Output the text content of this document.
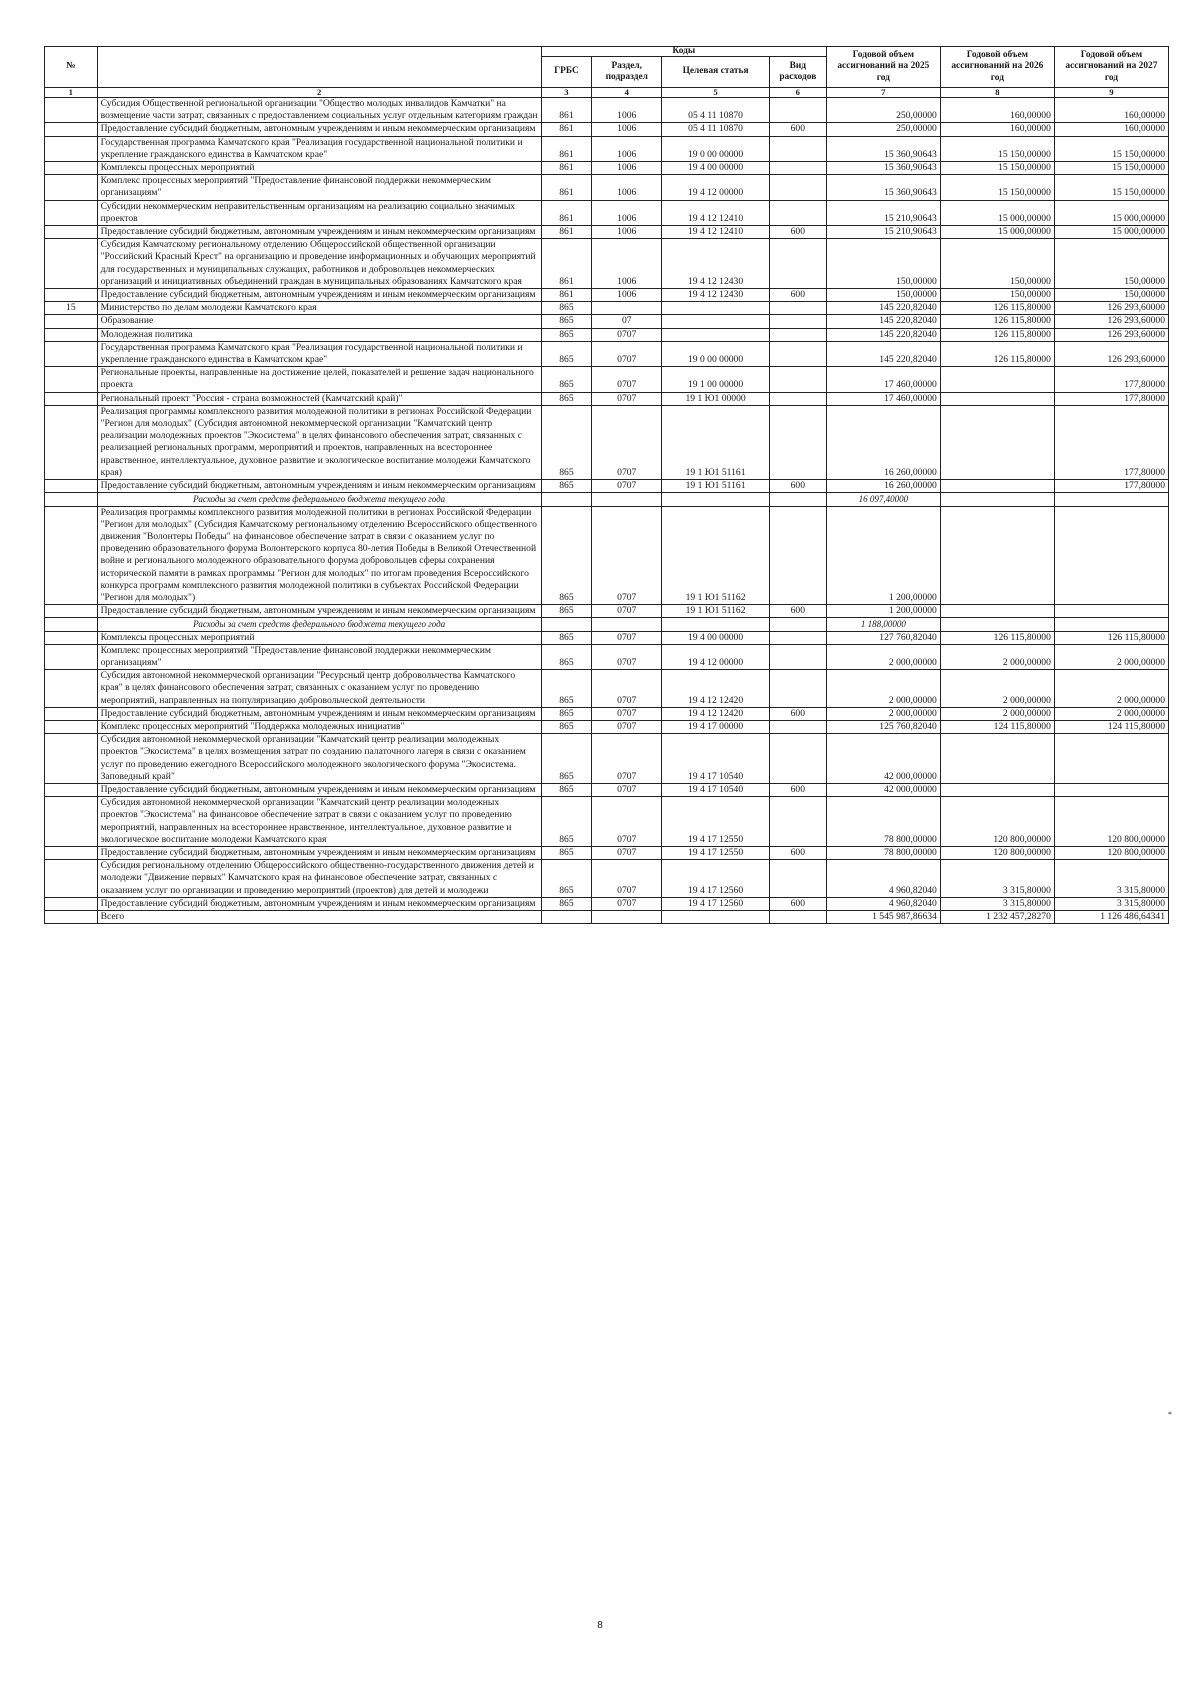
№		Коды				Годовой объем ассигнований на 2025 год	Годовой объем ассигнований на 2026 год	Годовой объем ассигнований на 2027 год
		ГРБС	Раздел, подраздел	Целевая статья	Вид расходов			
1	2	3	4	5	6	7	8	9
	Субсидия Общественной региональной организации "Общество молодых инвалидов Камчатки" на возмещение части затрат, связанных с предоставлением социальных услуг отдельным категориям граждан	861	1006	05 4 11 10870		250,00000	160,00000	160,00000
	Предоставление субсидий бюджетным, автономным учреждениям и иным некоммерческим организациям	861	1006	05 4 11 10870	600	250,00000	160,00000	160,00000
	Государственная программа Камчатского края "Реализация государственной национальной политики и укрепление гражданского единства в Камчатском крае"	861	1006	19 0 00 00000		15 360,90643	15 150,00000	15 150,00000
	Комплексы процессных мероприятий	861	1006	19 4 00 00000		15 360,90643	15 150,00000	15 150,00000
	Комплекс процессных мероприятий "Предоставление финансовой поддержки некоммерческим организациям"	861	1006	19 4 12 00000		15 360,90643	15 150,00000	15 150,00000
	Субсидии некоммерческим неправительственным организациям на реализацию социально значимых проектов	861	1006	19 4 12 12410		15 210,90643	15 000,00000	15 000,00000
	Предоставление субсидий бюджетным, автономным учреждениям и иным некоммерческим организациям	861	1006	19 4 12 12410	600	15 210,90643	15 000,00000	15 000,00000
	Субсидия Камчатскому региональному отделению Общероссийской общественной организации "Российский Красный Крест" на организацию и проведение информационных и обучающих мероприятий для государственных и муниципальных служащих, работников и добровольцев некоммерческих организаций и инициативных объединений граждан в муниципальных образованиях Камчатского края	861	1006	19 4 12 12430		150,00000	150,00000	150,00000
	Предоставление субсидий бюджетным, автономным учреждениям и иным некоммерческим организациям	861	1006	19 4 12 12430	600	150,00000	150,00000	150,00000
15	Министерство по делам молодежи Камчатского края	865				145 220,82040	126 115,80000	126 293,60000
	Образование	865	07			145 220,82040	126 115,80000	126 293,60000
	Молодежная политика	865	0707			145 220,82040	126 115,80000	126 293,60000
	Государственная программа Камчатского края "Реализация государственной национальной политики и укрепление гражданского единства в Камчатском крае"	865	0707	19 0 00 00000		145 220,82040	126 115,80000	126 293,60000
	Региональные проекты, направленные на достижение целей, показателей и решение задач национального проекта	865	0707	19 1 00 00000		17 460,00000		177,80000
	Региональный проект "Россия - страна возможностей (Камчатский край)"	865	0707	19 1 Ю1 00000		17 460,00000		177,80000
	Реализация программы комплексного развития молодежной политики в регионах Российской Федерации "Регион для молодых" (Субсидия автономной некоммерческой организации "Камчатский центр реализации молодежных проектов "Экосистема" в целях финансового обеспечения затрат, связанных с реализацией региональных программ, мероприятий и проектов, направленных на всестороннее нравственное, интеллектуальное, духовное развитие и экологическое воспитание молодежи Камчатского края)	865	0707	19 1 Ю1 51161		16 260,00000		177,80000
	Предоставление субсидий бюджетным, автономным учреждениям и иным некоммерческим организациям	865	0707	19 1 Ю1 51161	600	16 260,00000		177,80000
	Расходы за счет средств федерального бюджета текущего года					16 097,40000		
	Реализация программы комплексного развития молодежной политики в регионах Российской Федерации "Регион для молодых" (Субсидия Камчатскому региональному отделению Всероссийского общественного движения "Волонтеры Победы" на финансовое обеспечение затрат в связи с оказанием услуг по проведению образовательного форума Волонтерского корпуса 80-летия Победы в Великой Отечественной войне и регионального молодежного образовательного форума добровольцев сферы сохранения исторической памяти в рамках программы "Регион для молодых" по итогам проведения Всероссийского конкурса программ комплексного развития молодежной политики в субъектах Российской Федерации "Регион для молодых")	865	0707	19 1 Ю1 51162		1 200,00000		
	Предоставление субсидий бюджетным, автономным учреждениям и иным некоммерческим организациям	865	0707	19 1 Ю1 51162	600	1 200,00000		
	Расходы за счет средств федерального бюджета текущего года					1 188,00000		
	Комплексы процессных мероприятий	865	0707	19 4 00 00000		127 760,82040	126 115,80000	126 115,80000
	Комплекс процессных мероприятий "Предоставление финансовой поддержки некоммерческим организациям"	865	0707	19 4 12 00000		2 000,00000	2 000,00000	2 000,00000
	Субсидия автономной некоммерческой организации "Ресурсный центр добровольчества Камчатского края" в целях финансового обеспечения затрат, связанных с оказанием услуг по проведению мероприятий, направленных на популяризацию добровольческой деятельности	865	0707	19 4 12 12420		2 000,00000	2 000,00000	2 000,00000
	Предоставление субсидий бюджетным, автономным учреждениям и иным некоммерческим организациям	865	0707	19 4 12 12420	600	2 000,00000	2 000,00000	2 000,00000
	Комплекс процессных мероприятий "Поддержка молодежных инициатив"	865	0707	19 4 17 00000		125 760,82040	124 115,80000	124 115,80000
	Субсидия автономной некоммерческой организации "Камчатский центр реализации молодежных проектов "Экосистема" в целях возмещения затрат по созданию палаточного лагеря в связи с оказанием услуг по проведению ежегодного Всероссийского молодежного экологического форума "Экосистема. Заповедный край"	865	0707	19 4 17 10540		42 000,00000		
	Предоставление субсидий бюджетным, автономным учреждениям и иным некоммерческим организациям	865	0707	19 4 17 10540	600	42 000,00000		
	Субсидия автономной некоммерческой организации "Камчатский центр реализации молодежных проектов "Экосистема" на финансовое обеспечение затрат в связи с оказанием услуг по проведению мероприятий, направленных на всестороннее нравственное, интеллектуальное, духовное развитие и экологическое воспитание молодежи Камчатского края	865	0707	19 4 17 12550		78 800,00000	120 800,00000	120 800,00000
	Предоставление субсидий бюджетным, автономным учреждениям и иным некоммерческим организациям	865	0707	19 4 17 12550	600	78 800,00000	120 800,00000	120 800,00000
	Субсидия региональному отделению Общероссийского общественно-государственного движения детей и молодежи "Движение первых" Камчатского края на финансовое обеспечение затрат, связанных с оказанием услуг по организации и проведению мероприятий (проектов) для детей и молодежи	865	0707	19 4 17 12560		4 960,82040	3 315,80000	3 315,80000
	Предоставление субсидий бюджетным, автономным учреждениям и иным некоммерческим организациям	865	0707	19 4 17 12560	600	4 960,82040	3 315,80000	3 315,80000
	Всего					1 545 987,86634	1 232 457,28270	1 126 486,64341
*
8
